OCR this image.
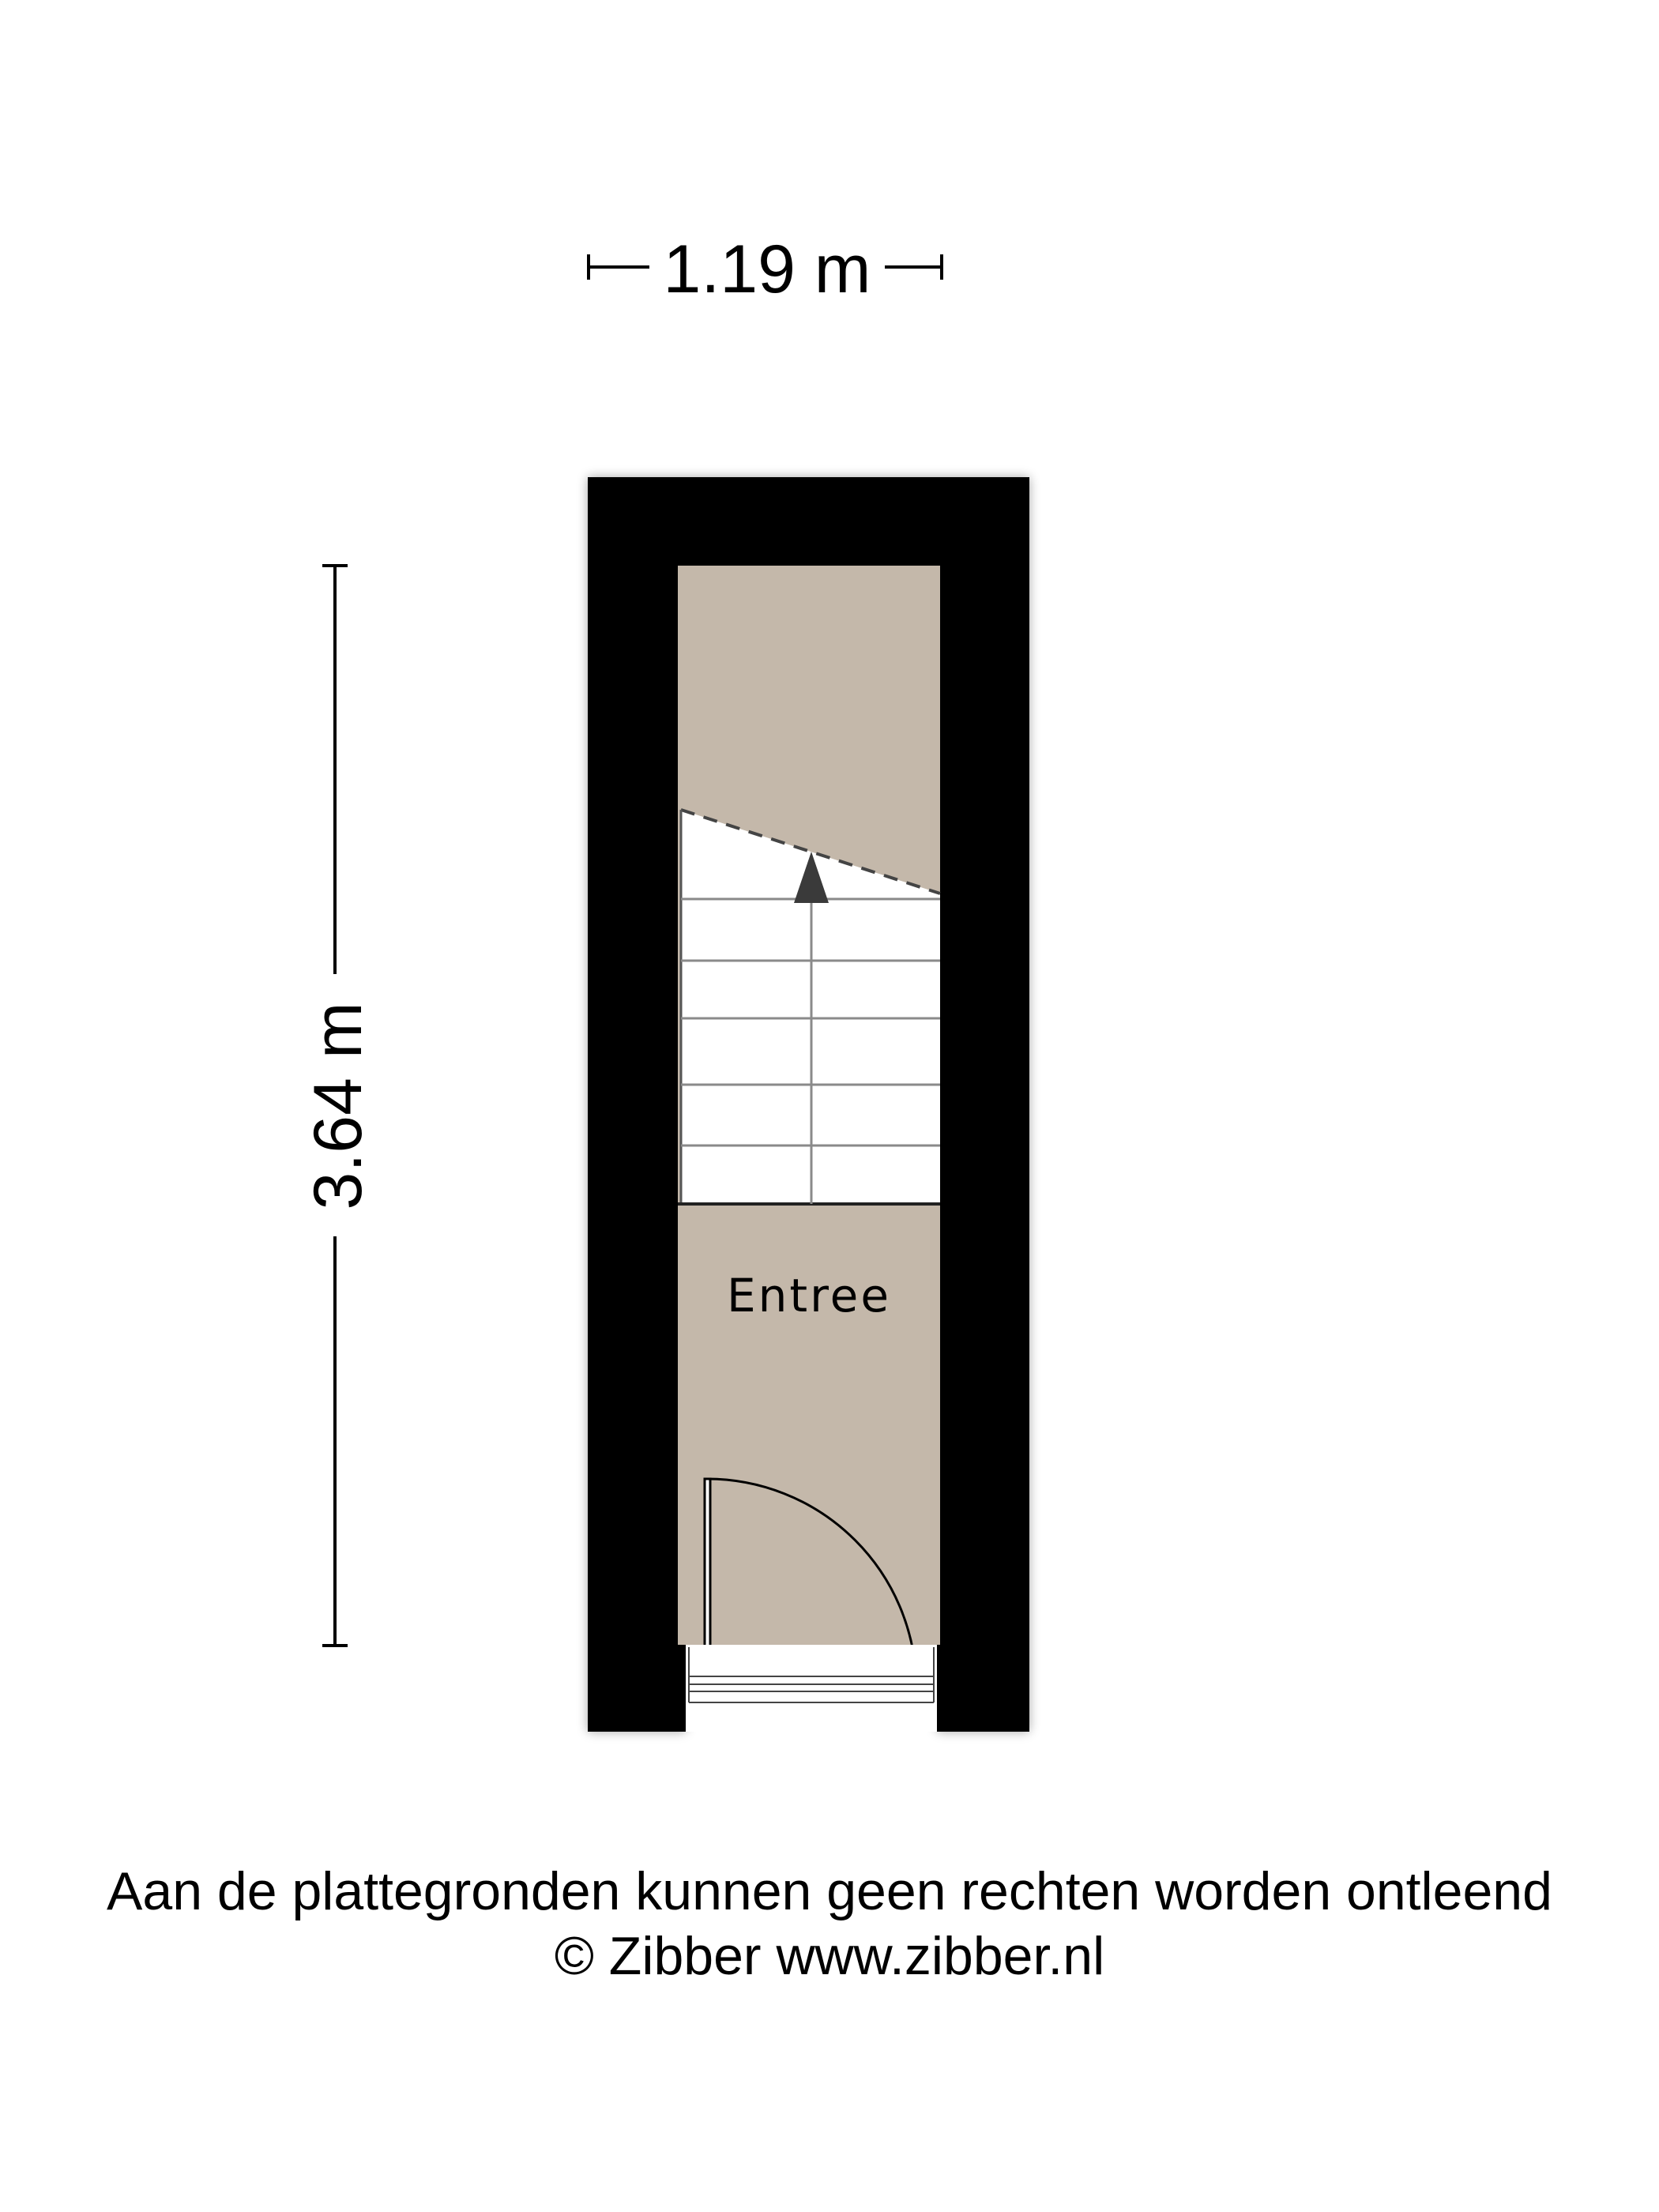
1.19 m
3.64 m
Entree
Aan de plattegronden kunnen geen rechten worden ontleend
© Zibber www.zibber.nl
